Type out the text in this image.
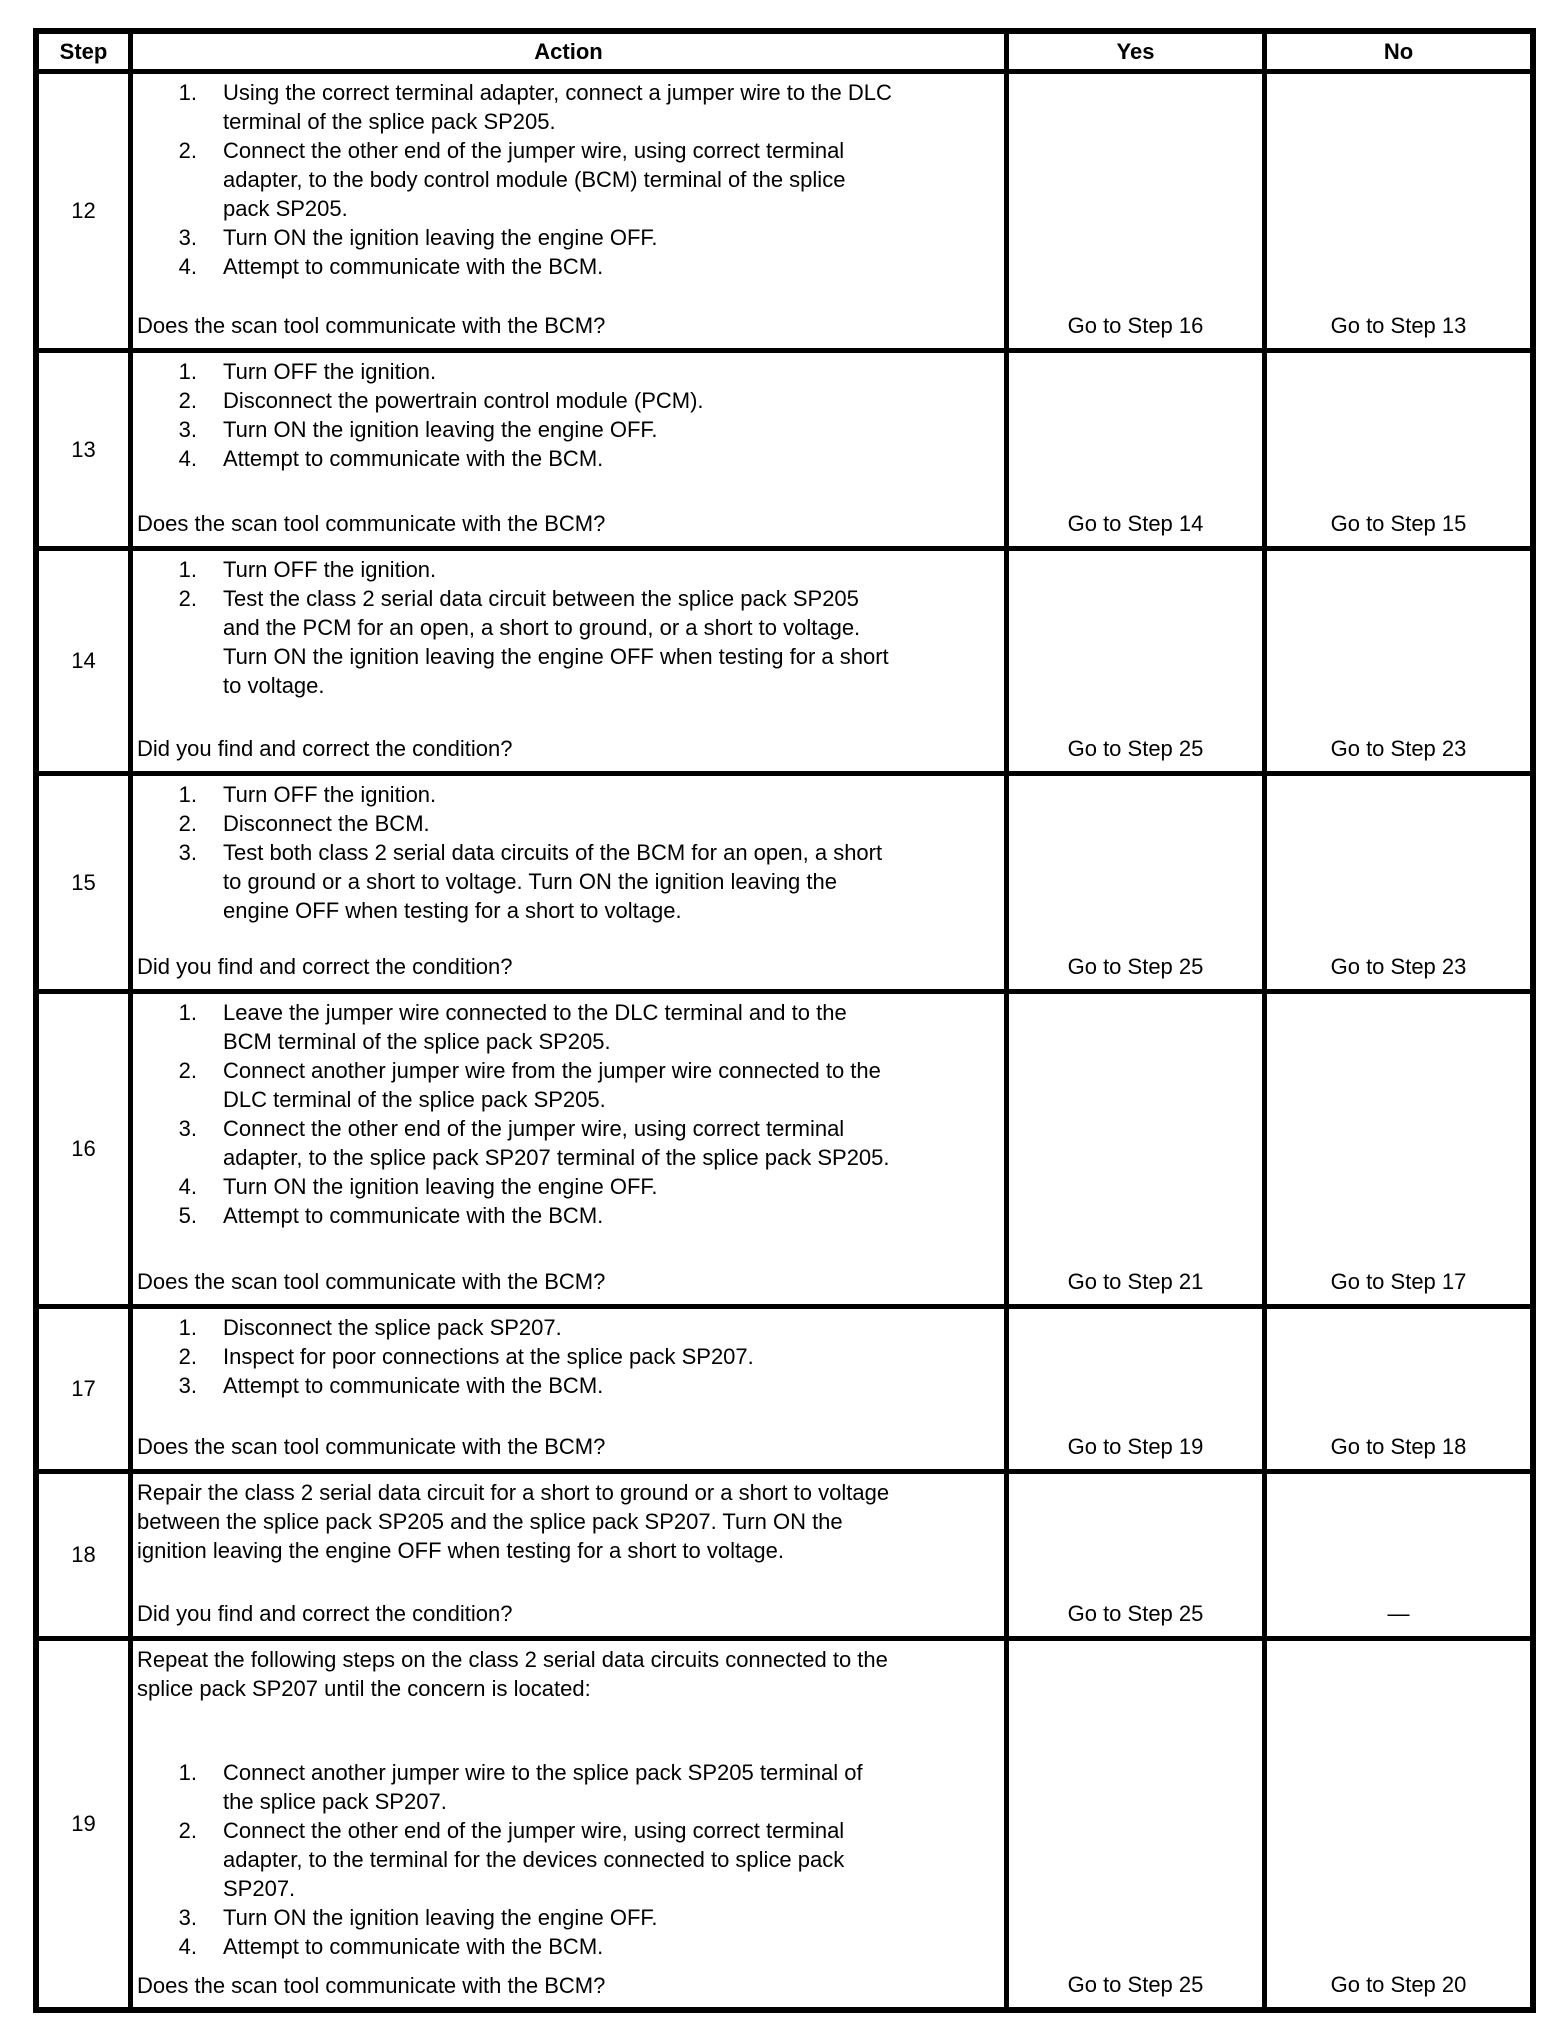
Step	Action	Yes	No
12
1. Using the correct terminal adapter, connect a jumper wire to the DLC terminal of the splice pack SP205.
2. Connect the other end of the jumper wire, using correct terminal adapter, to the body control module (BCM) terminal of the splice pack SP205.
3. Turn ON the ignition leaving the engine OFF.
4. Attempt to communicate with the BCM.
Does the scan tool communicate with the BCM?	Go to Step 16	Go to Step 13
13
1. Turn OFF the ignition.
2. Disconnect the powertrain control module (PCM).
3. Turn ON the ignition leaving the engine OFF.
4. Attempt to communicate with the BCM.
Does the scan tool communicate with the BCM?	Go to Step 14	Go to Step 15
14
1. Turn OFF the ignition.
2. Test the class 2 serial data circuit between the splice pack SP205 and the PCM for an open, a short to ground, or a short to voltage. Turn ON the ignition leaving the engine OFF when testing for a short to voltage.
Did you find and correct the condition?	Go to Step 25	Go to Step 23
15
1. Turn OFF the ignition.
2. Disconnect the BCM.
3. Test both class 2 serial data circuits of the BCM for an open, a short to ground or a short to voltage. Turn ON the ignition leaving the engine OFF when testing for a short to voltage.
Did you find and correct the condition?	Go to Step 25	Go to Step 23
16
1. Leave the jumper wire connected to the DLC terminal and to the BCM terminal of the splice pack SP205.
2. Connect another jumper wire from the jumper wire connected to the DLC terminal of the splice pack SP205.
3. Connect the other end of the jumper wire, using correct terminal adapter, to the splice pack SP207 terminal of the splice pack SP205.
4. Turn ON the ignition leaving the engine OFF.
5. Attempt to communicate with the BCM.
Does the scan tool communicate with the BCM?	Go to Step 21	Go to Step 17
17
1. Disconnect the splice pack SP207.
2. Inspect for poor connections at the splice pack SP207.
3. Attempt to communicate with the BCM.
Does the scan tool communicate with the BCM?	Go to Step 19	Go to Step 18
18
Repair the class 2 serial data circuit for a short to ground or a short to voltage between the splice pack SP205 and the splice pack SP207. Turn ON the ignition leaving the engine OFF when testing for a short to voltage.
Did you find and correct the condition?	Go to Step 25	—
19
Repeat the following steps on the class 2 serial data circuits connected to the splice pack SP207 until the concern is located:
1. Connect another jumper wire to the splice pack SP205 terminal of the splice pack SP207.
2. Connect the other end of the jumper wire, using correct terminal adapter, to the terminal for the devices connected to splice pack SP207.
3. Turn ON the ignition leaving the engine OFF.
4. Attempt to communicate with the BCM.
Does the scan tool communicate with the BCM?	Go to Step 25	Go to Step 20
